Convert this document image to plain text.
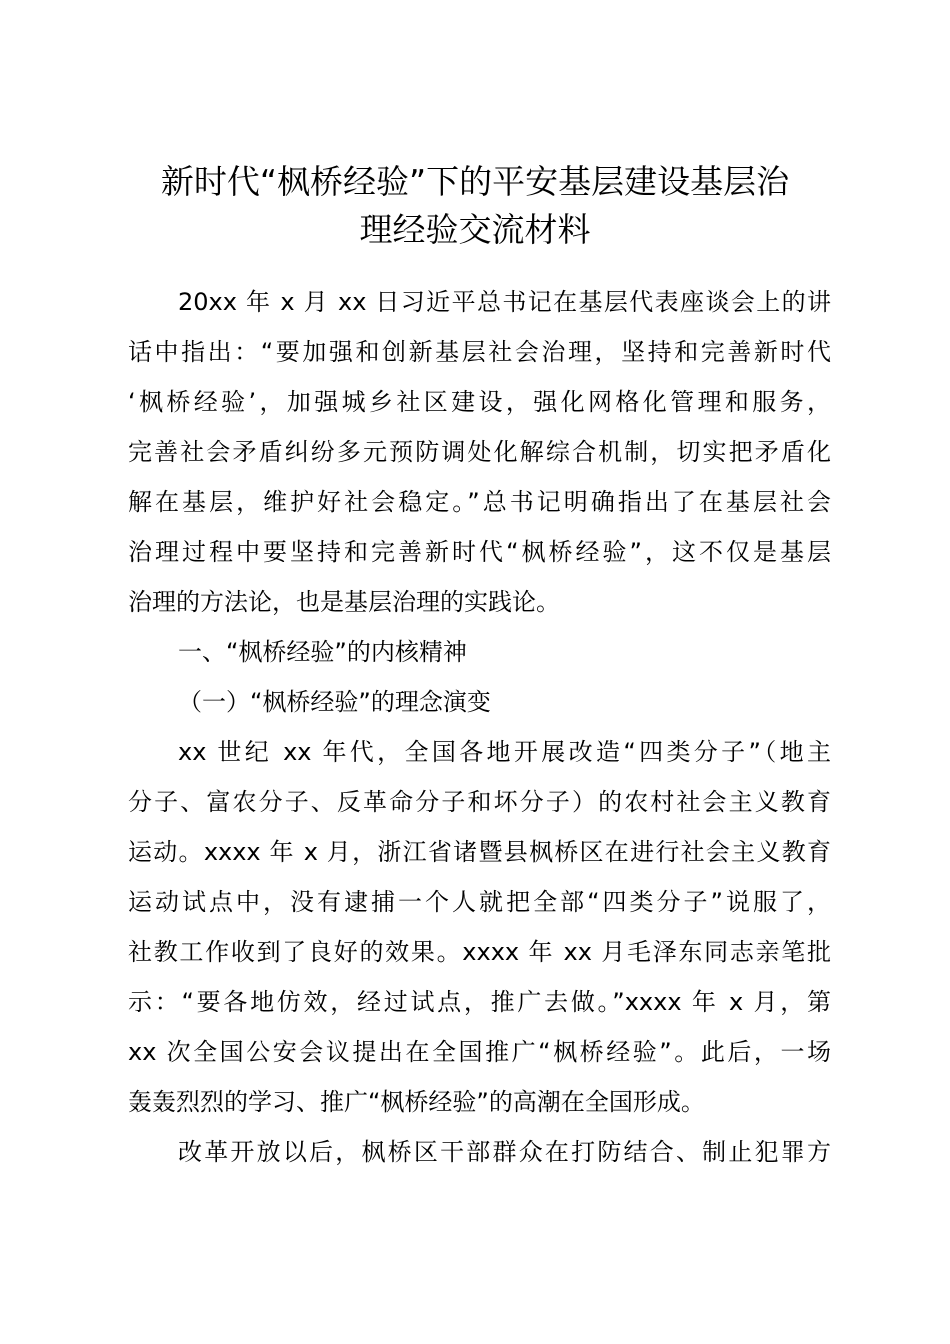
新时代“枫桥经验”下的平安基层建设基层治
理经验交流材料

20xx 年 x 月 xx 日习近平总书记在基层代表座谈会上的讲

话中指出：“要加强和创新基层社会治理，坚持和完善新时代

‘枫桥经验’，加强城乡社区建设，强化网格化管理和服务，

完善社会矛盾纠纷多元预防调处化解综合机制，切实把矛盾化

解在基层，维护好社会稳定。”总书记明确指出了在基层社会

治理过程中要坚持和完善新时代“枫桥经验”，这不仅是基层

治理的方法论，也是基层治理的实践论。

一、“枫桥经验”的内核精神

（一）“枫桥经验”的理念演变

xx 世纪 xx 年代，全国各地开展改造“四类分子”（地主

分子、富农分子、反革命分子和坏分子）的农村社会主义教育

运动。xxxx 年 x 月，浙江省诸暨县枫桥区在进行社会主义教育

运动试点中，没有逮捕一个人就把全部“四类分子”说服了，

社教工作收到了良好的效果。xxxx 年 xx 月毛泽东同志亲笔批

示：“要各地仿效，经过试点，推广去做。”xxxx 年 x 月，第

xx 次全国公安会议提出在全国推广“枫桥经验”。此后，一场

轰轰烈烈的学习、推广“枫桥经验”的高潮在全国形成。

改革开放以后，枫桥区干部群众在打防结合、制止犯罪方
